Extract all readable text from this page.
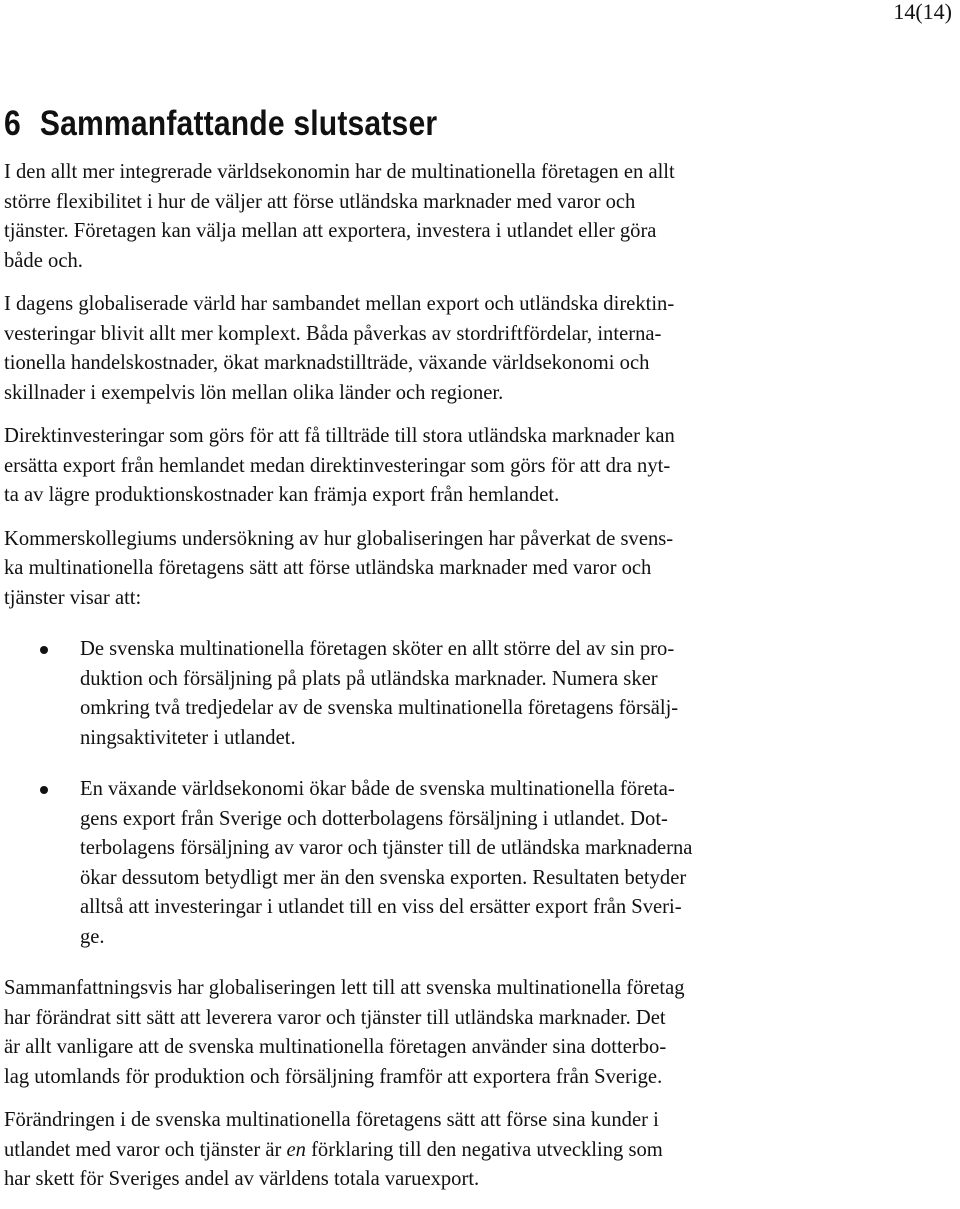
14(14)
6 Sammanfattande slutsatser

I den allt mer integrerade världsekonomin har de multinationella företagen en allt
större flexibilitet i hur de väljer att förse utländska marknader med varor och
tjänster. Företagen kan välja mellan att exportera, investera i utlandet eller göra
både och.

I dagens globaliserade värld har sambandet mellan export och utländska direktin-
vesteringar blivit allt mer komplext. Båda påverkas av stordriftfördelar, interna-
tionella handelskostnader, ökat marknadstillträde, växande världsekonomi och
skillnader i exempelvis lön mellan olika länder och regioner.

Direktinvesteringar som görs för att få tillträde till stora utländska marknader kan
ersätta export från hemlandet medan direktinvesteringar som görs för att dra nyt-
ta av lägre produktionskostnader kan främja export från hemlandet.

Kommerskollegiums undersökning av hur globaliseringen har påverkat de svens-
ka multinationella företagens sätt att förse utländska marknader med varor och
tjänster visar att:

De svenska multinationella företagen sköter en allt större del av sin pro-
duktion och försäljning på plats på utländska marknader. Numera sker
omkring två tredjedelar av de svenska multinationella företagens försälj-
ningsaktiviteter i utlandet.
En växande världsekonomi ökar både de svenska multinationella företa-
gens export från Sverige och dotterbolagens försäljning i utlandet. Dot-
terbolagens försäljning av varor och tjänster till de utländska marknaderna
ökar dessutom betydligt mer än den svenska exporten. Resultaten betyder
alltså att investeringar i utlandet till en viss del ersätter export från Sveri-
ge.

Sammanfattningsvis har globaliseringen lett till att svenska multinationella företag
har förändrat sitt sätt att leverera varor och tjänster till utländska marknader. Det
är allt vanligare att de svenska multinationella företagen använder sina dotterbo-
lag utomlands för produktion och försäljning framför att exportera från Sverige.

Förändringen i de svenska multinationella företagens sätt att förse sina kunder i
utlandet med varor och tjänster är en förklaring till den negativa utveckling som
har skett för Sveriges andel av världens totala varuexport.
